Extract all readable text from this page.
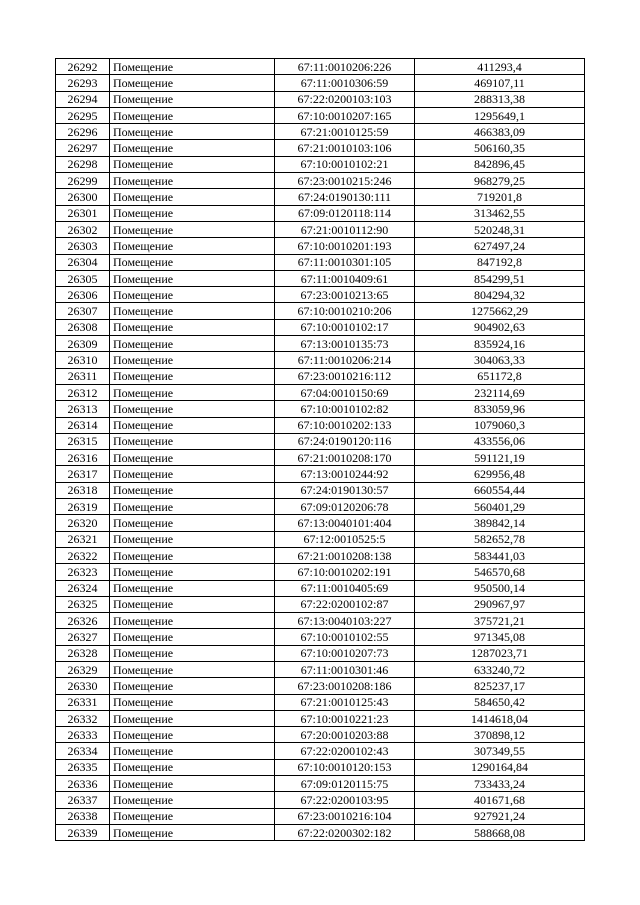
26292	Помещение	67:11:0010206:226	411293,4
26293	Помещение	67:11:0010306:59	469107,11
26294	Помещение	67:22:0200103:103	288313,38
26295	Помещение	67:10:0010207:165	1295649,1
26296	Помещение	67:21:0010125:59	466383,09
26297	Помещение	67:21:0010103:106	506160,35
26298	Помещение	67:10:0010102:21	842896,45
26299	Помещение	67:23:0010215:246	968279,25
26300	Помещение	67:24:0190130:111	719201,8
26301	Помещение	67:09:0120118:114	313462,55
26302	Помещение	67:21:0010112:90	520248,31
26303	Помещение	67:10:0010201:193	627497,24
26304	Помещение	67:11:0010301:105	847192,8
26305	Помещение	67:11:0010409:61	854299,51
26306	Помещение	67:23:0010213:65	804294,32
26307	Помещение	67:10:0010210:206	1275662,29
26308	Помещение	67:10:0010102:17	904902,63
26309	Помещение	67:13:0010135:73	835924,16
26310	Помещение	67:11:0010206:214	304063,33
26311	Помещение	67:23:0010216:112	651172,8
26312	Помещение	67:04:0010150:69	232114,69
26313	Помещение	67:10:0010102:82	833059,96
26314	Помещение	67:10:0010202:133	1079060,3
26315	Помещение	67:24:0190120:116	433556,06
26316	Помещение	67:21:0010208:170	591121,19
26317	Помещение	67:13:0010244:92	629956,48
26318	Помещение	67:24:0190130:57	660554,44
26319	Помещение	67:09:0120206:78	560401,29
26320	Помещение	67:13:0040101:404	389842,14
26321	Помещение	67:12:0010525:5	582652,78
26322	Помещение	67:21:0010208:138	583441,03
26323	Помещение	67:10:0010202:191	546570,68
26324	Помещение	67:11:0010405:69	950500,14
26325	Помещение	67:22:0200102:87	290967,97
26326	Помещение	67:13:0040103:227	375721,21
26327	Помещение	67:10:0010102:55	971345,08
26328	Помещение	67:10:0010207:73	1287023,71
26329	Помещение	67:11:0010301:46	633240,72
26330	Помещение	67:23:0010208:186	825237,17
26331	Помещение	67:21:0010125:43	584650,42
26332	Помещение	67:10:0010221:23	1414618,04
26333	Помещение	67:20:0010203:88	370898,12
26334	Помещение	67:22:0200102:43	307349,55
26335	Помещение	67:10:0010120:153	1290164,84
26336	Помещение	67:09:0120115:75	733433,24
26337	Помещение	67:22:0200103:95	401671,68
26338	Помещение	67:23:0010216:104	927921,24
26339	Помещение	67:22:0200302:182	588668,08
